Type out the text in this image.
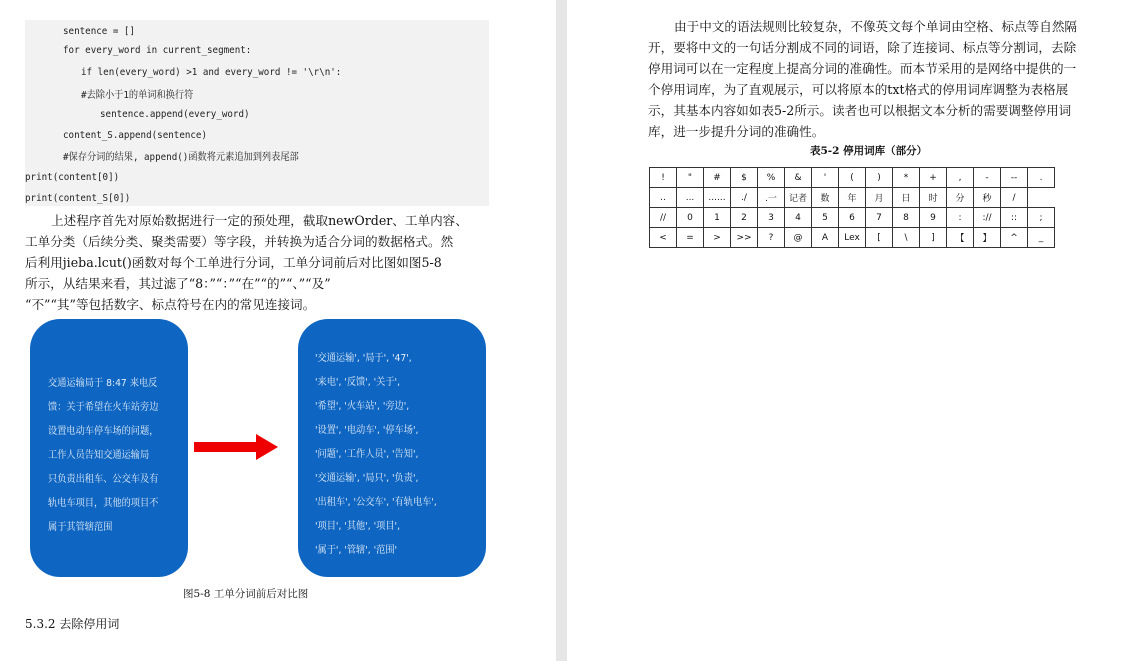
sentence = []
for every_word in current_segment:
if len(every_word) >1 and every_word != '\r\n':
#去除小于1的单词和换行符
sentence.append(every_word)
content_S.append(sentence)
#保存分词的结果, append()函数将元素追加到列表尾部
print(content[0])
print(content_S[0])
上述程序首先对原始数据进行一定的预处理，截取newOrder、工单内容、
工单分类（后续分类、聚类需要）等字段，并转换为适合分词的数据格式。然
后利用jieba.lcut()函数对每个工单进行分词，工单分词前后对比图如图5-8
所示，从结果来看，其过滤了“8：”“：”“在”“的”“、”“及”
“不”“其”等包括数字、标点符号在内的常见连接词。
交通运输局于 8:47 来电反
馈：关于希望在火车站旁边
设置电动车停车场的问题，
工作人员告知交通运输局
只负责出租车、公交车及有
轨电车项目，其他的项目不
属于其管辖范围
'交通运输', '局于', '47',
'来电', '反馈', '关于',
'希望', '火车站', '旁边',
'设置', '电动车', '停车场',
'问题', '工作人员', '告知',
'交通运输', '局只', '负责',
'出租车', '公交车', '有轨电车',
'项目', '其他', '项目',
'属于', '管辖', '范围'
图5-8 工单分词前后对比图
5.3.2 去除停用词
由于中文的语法规则比较复杂，不像英文每个单词由空格、标点等自然隔
开，要将中文的一句话分割成不同的词语，除了连接词、标点等分割词，去除
停用词可以在一定程度上提高分词的准确性。而本节采用的是网络中提供的一
个停用词库，为了直观展示，可以将原本的txt格式的停用词库调整为表格展
示，其基本内容如如表5-2所示。读者也可以根据文本分析的需要调整停用词
库，进一步提升分词的准确性。
表5-2 停用词库（部分）
!	"	#	$	%	&	'	(	)	*	+	,	-	--	.
..	...	......	./	.一	记者	数	年	月	日	时	分	秒	/	
//	0	1	2	3	4	5	6	7	8	9	:	://	::	;
<	=	>	>>	?	@	A	Lex	[	\	]	【	】	^	_
